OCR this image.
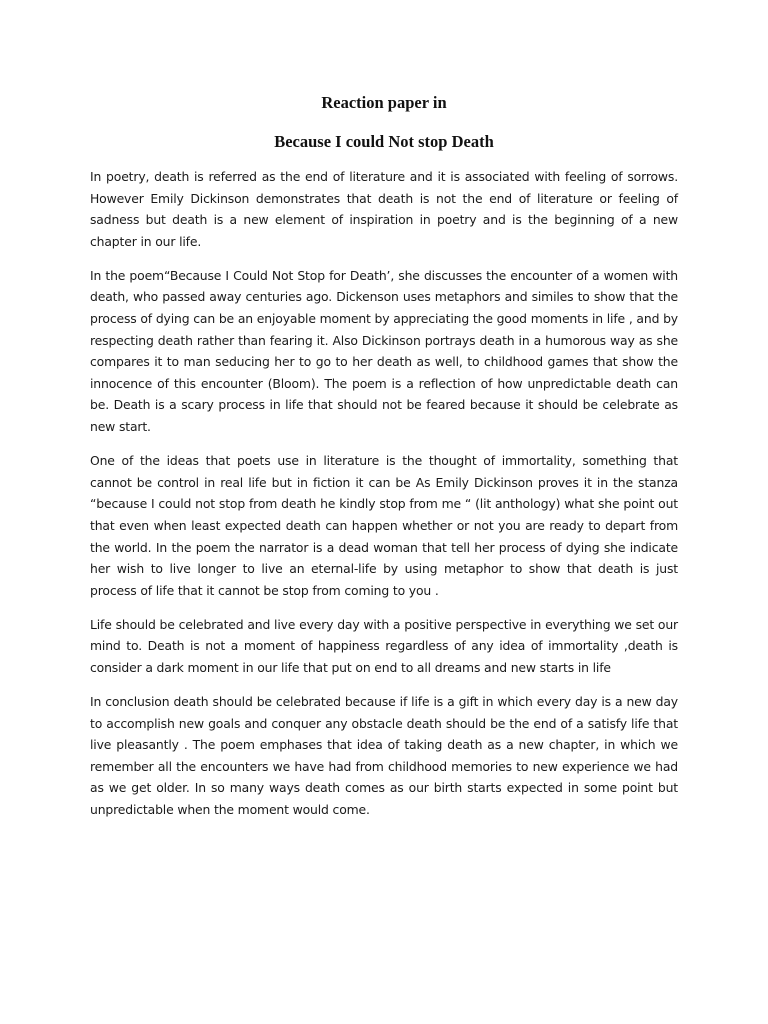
Reaction paper in
Because I could Not stop Death

In poetry, death is referred as the end of literature and it is associated with feeling of sorrows. However Emily Dickinson demonstrates that death is not the end of literature or feeling of sadness but death is a new element of inspiration in poetry and is the beginning of a new chapter in our life.

In the poem“Because I Could Not Stop for Death’, she discusses the encounter of a women with death, who passed away centuries ago. Dickenson uses metaphors and similes to show that the process of dying can be an enjoyable moment by appreciating the good moments in life , and by respecting death rather than fearing it. Also Dickinson portrays death in a humorous way as she compares it to man seducing her to go to her death as well, to childhood games that show the innocence of this encounter (Bloom). The poem is a reflection of how unpredictable death can be. Death is a scary process in life that should not be feared because it should be celebrate as new start.

One of the ideas that poets use in literature is the thought of immortality, something that cannot be control in real life but in fiction it can be As Emily Dickinson proves it in the stanza “because I could not stop from death he kindly stop from me “ (lit anthology) what she point out that even when least expected death can happen whether or not you are ready to depart from the world. In the poem the narrator is a dead woman that tell her process of dying she indicate her wish to live longer to live an eternal-life by using metaphor to show that death is just process of life that it cannot be stop from coming to you .

Life should be celebrated and live every day with a positive perspective in everything we set our mind to. Death is not a moment of happiness regardless of any idea of immortality ,death is consider a dark moment in our life that put on end to all dreams and new starts in life

In conclusion death should be celebrated because if life is a gift in which every day is a new day to accomplish new goals and conquer any obstacle death should be the end of a satisfy life that live pleasantly . The poem emphases that idea of taking death as a new chapter, in which we remember all the encounters we have had from childhood memories to new experience we had as we get older. In so many ways death comes as our birth starts expected in some point but unpredictable when the moment would come.
